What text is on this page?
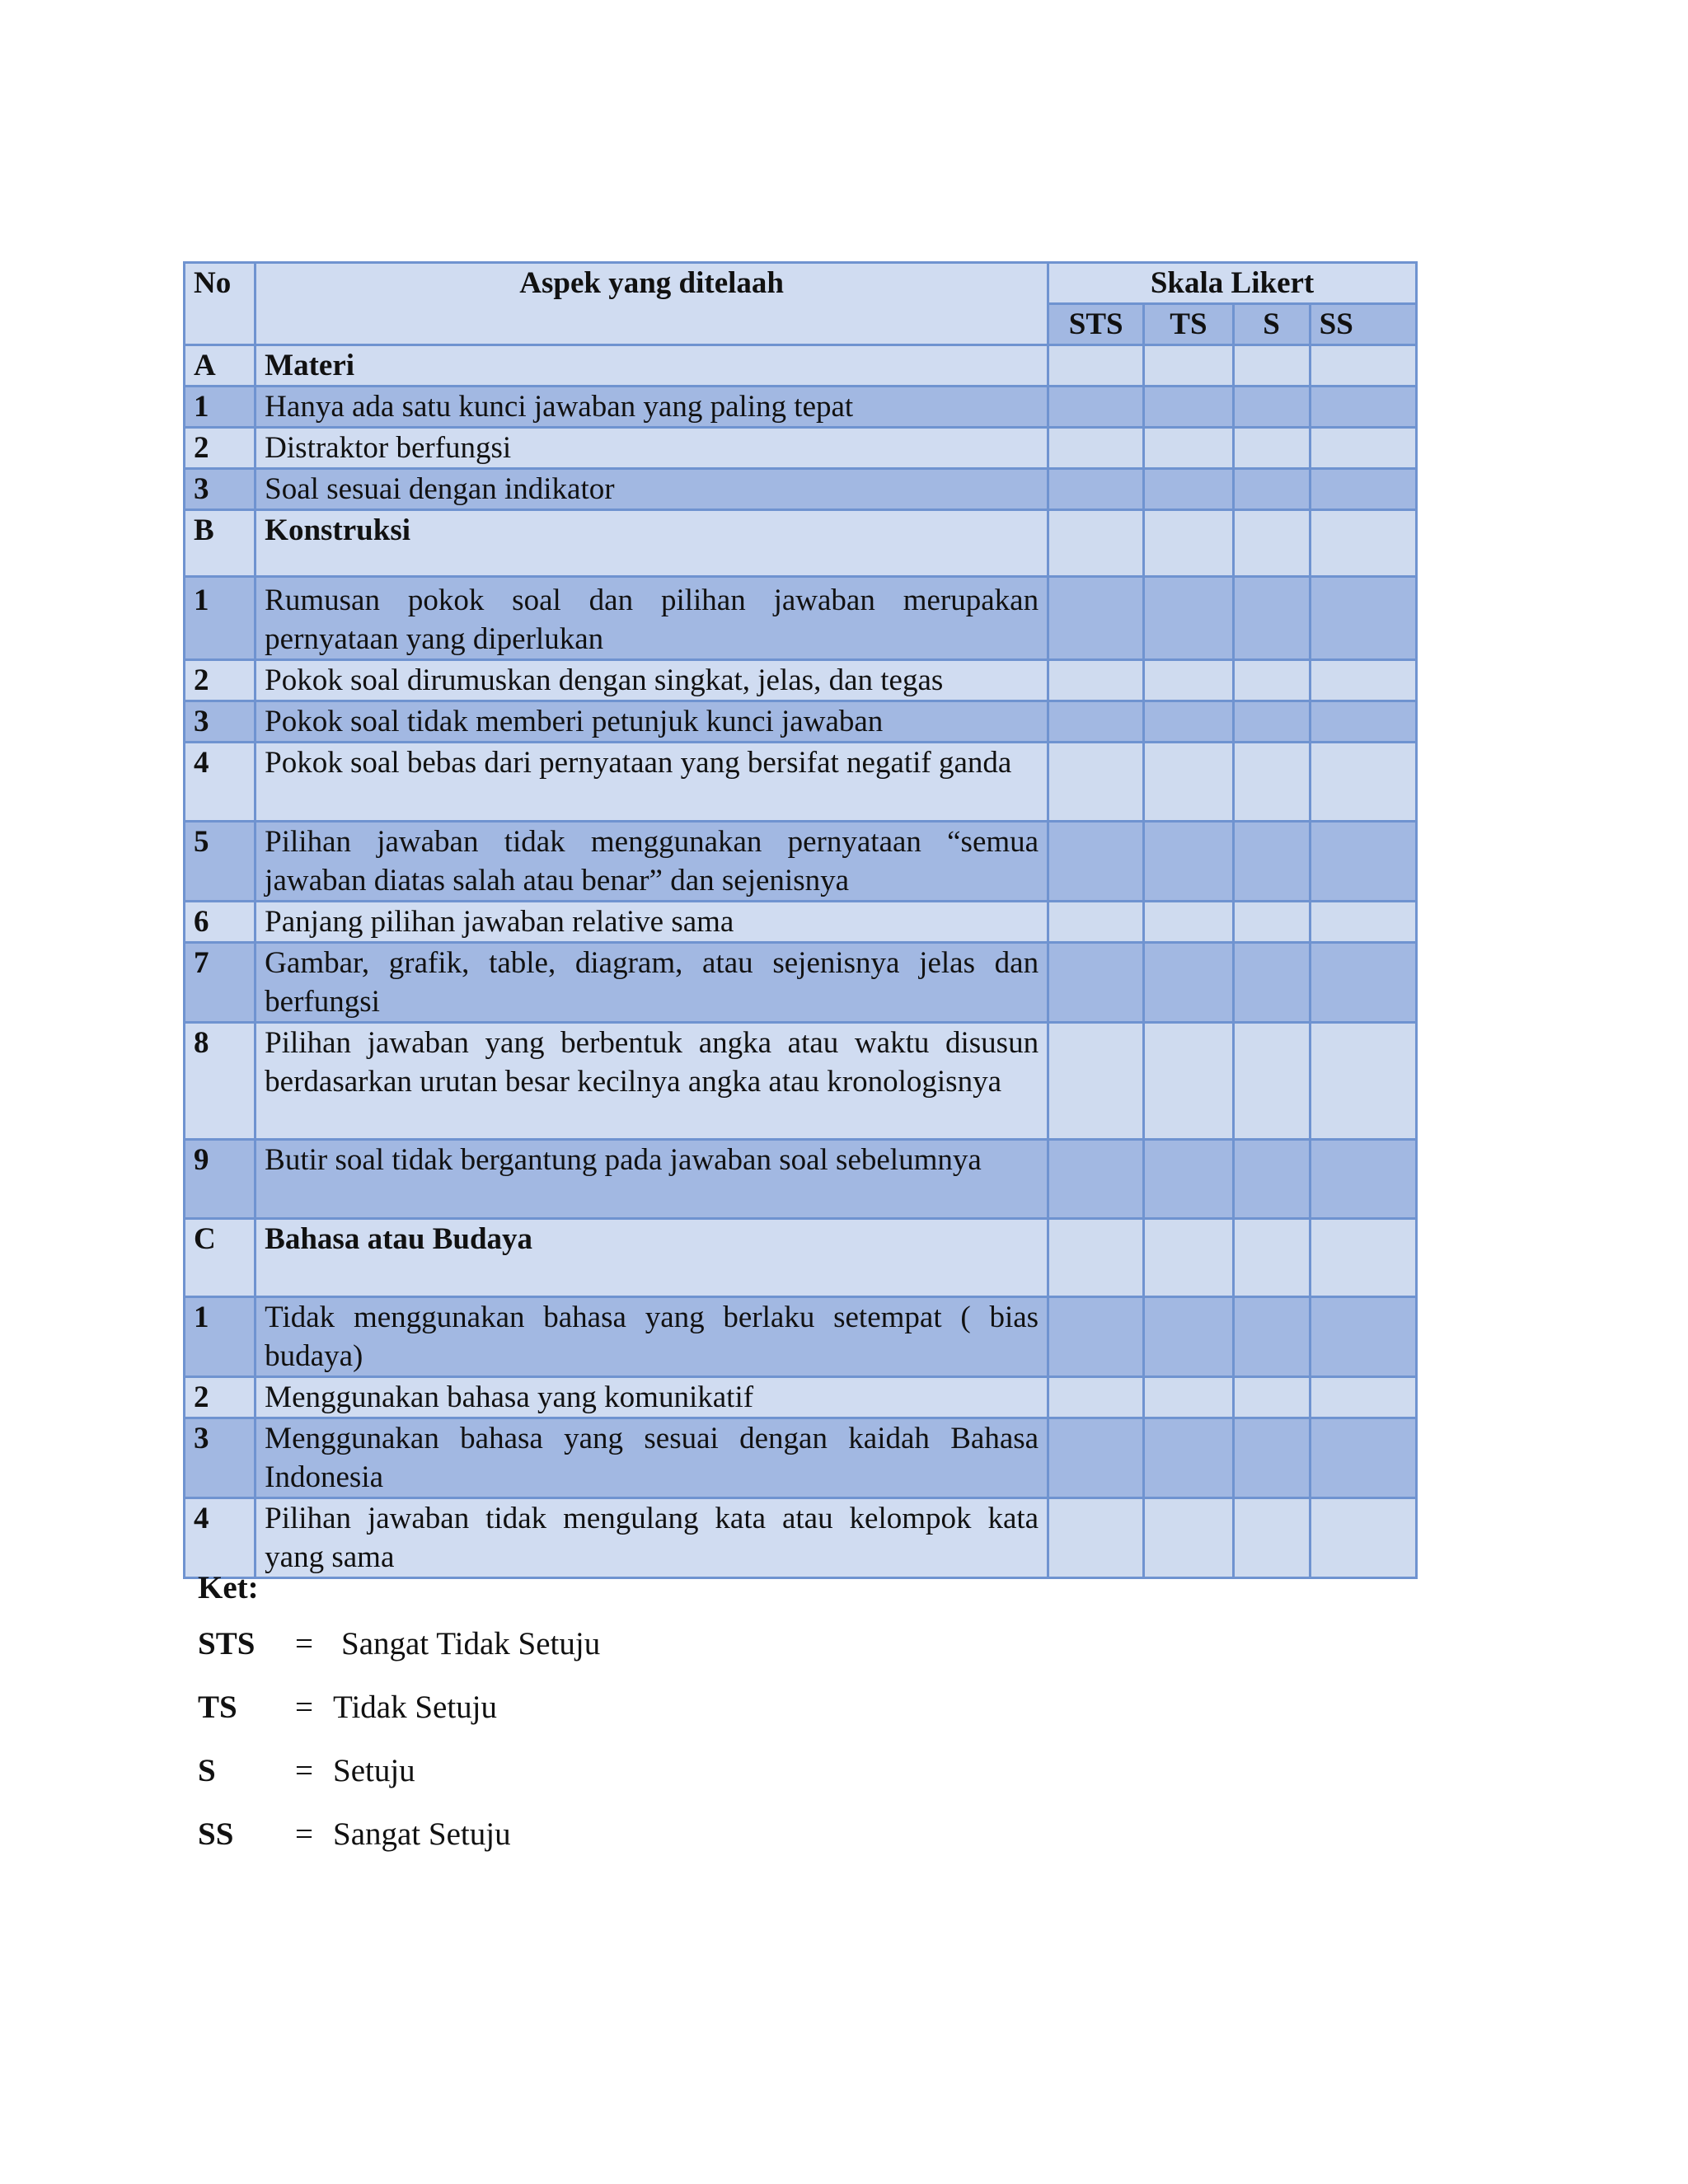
No	Aspek yang ditelaah	Skala Likert			
		STS	TS	S	SS
A	Materi				
1	Hanya ada satu kunci jawaban yang paling tepat				
2	Distraktor berfungsi				
3	Soal sesuai dengan indikator				
B	Konstruksi				
1	Rumusan pokok soal dan pilihan jawaban merupakan pernyataan yang diperlukan				
2	Pokok soal dirumuskan dengan singkat, jelas, dan tegas				
3	Pokok soal tidak memberi petunjuk kunci jawaban				
4	Pokok soal bebas dari pernyataan yang bersifat negatif ganda				
5	Pilihan jawaban tidak menggunakan pernyataan “semua jawaban diatas salah atau benar” dan sejenisnya				
6	Panjang pilihan jawaban relative sama				
7	Gambar, grafik, table, diagram, atau sejenisnya jelas dan berfungsi				
8	Pilihan jawaban yang berbentuk angka atau waktu disusun berdasarkan urutan besar kecilnya angka atau kronologisnya				
9	Butir soal tidak bergantung pada jawaban soal sebelumnya				
C	Bahasa atau Budaya				
1	Tidak menggunakan bahasa yang berlaku setempat ( bias budaya)				
2	Menggunakan bahasa yang komunikatif				
3	Menggunakan bahasa yang sesuai dengan kaidah Bahasa Indonesia				
4	Pilihan jawaban tidak mengulang kata atau kelompok kata yang sama				
Ket:
STS = Sangat Tidak Setuju
TS = Tidak Setuju
S = Setuju
SS = Sangat Setuju
